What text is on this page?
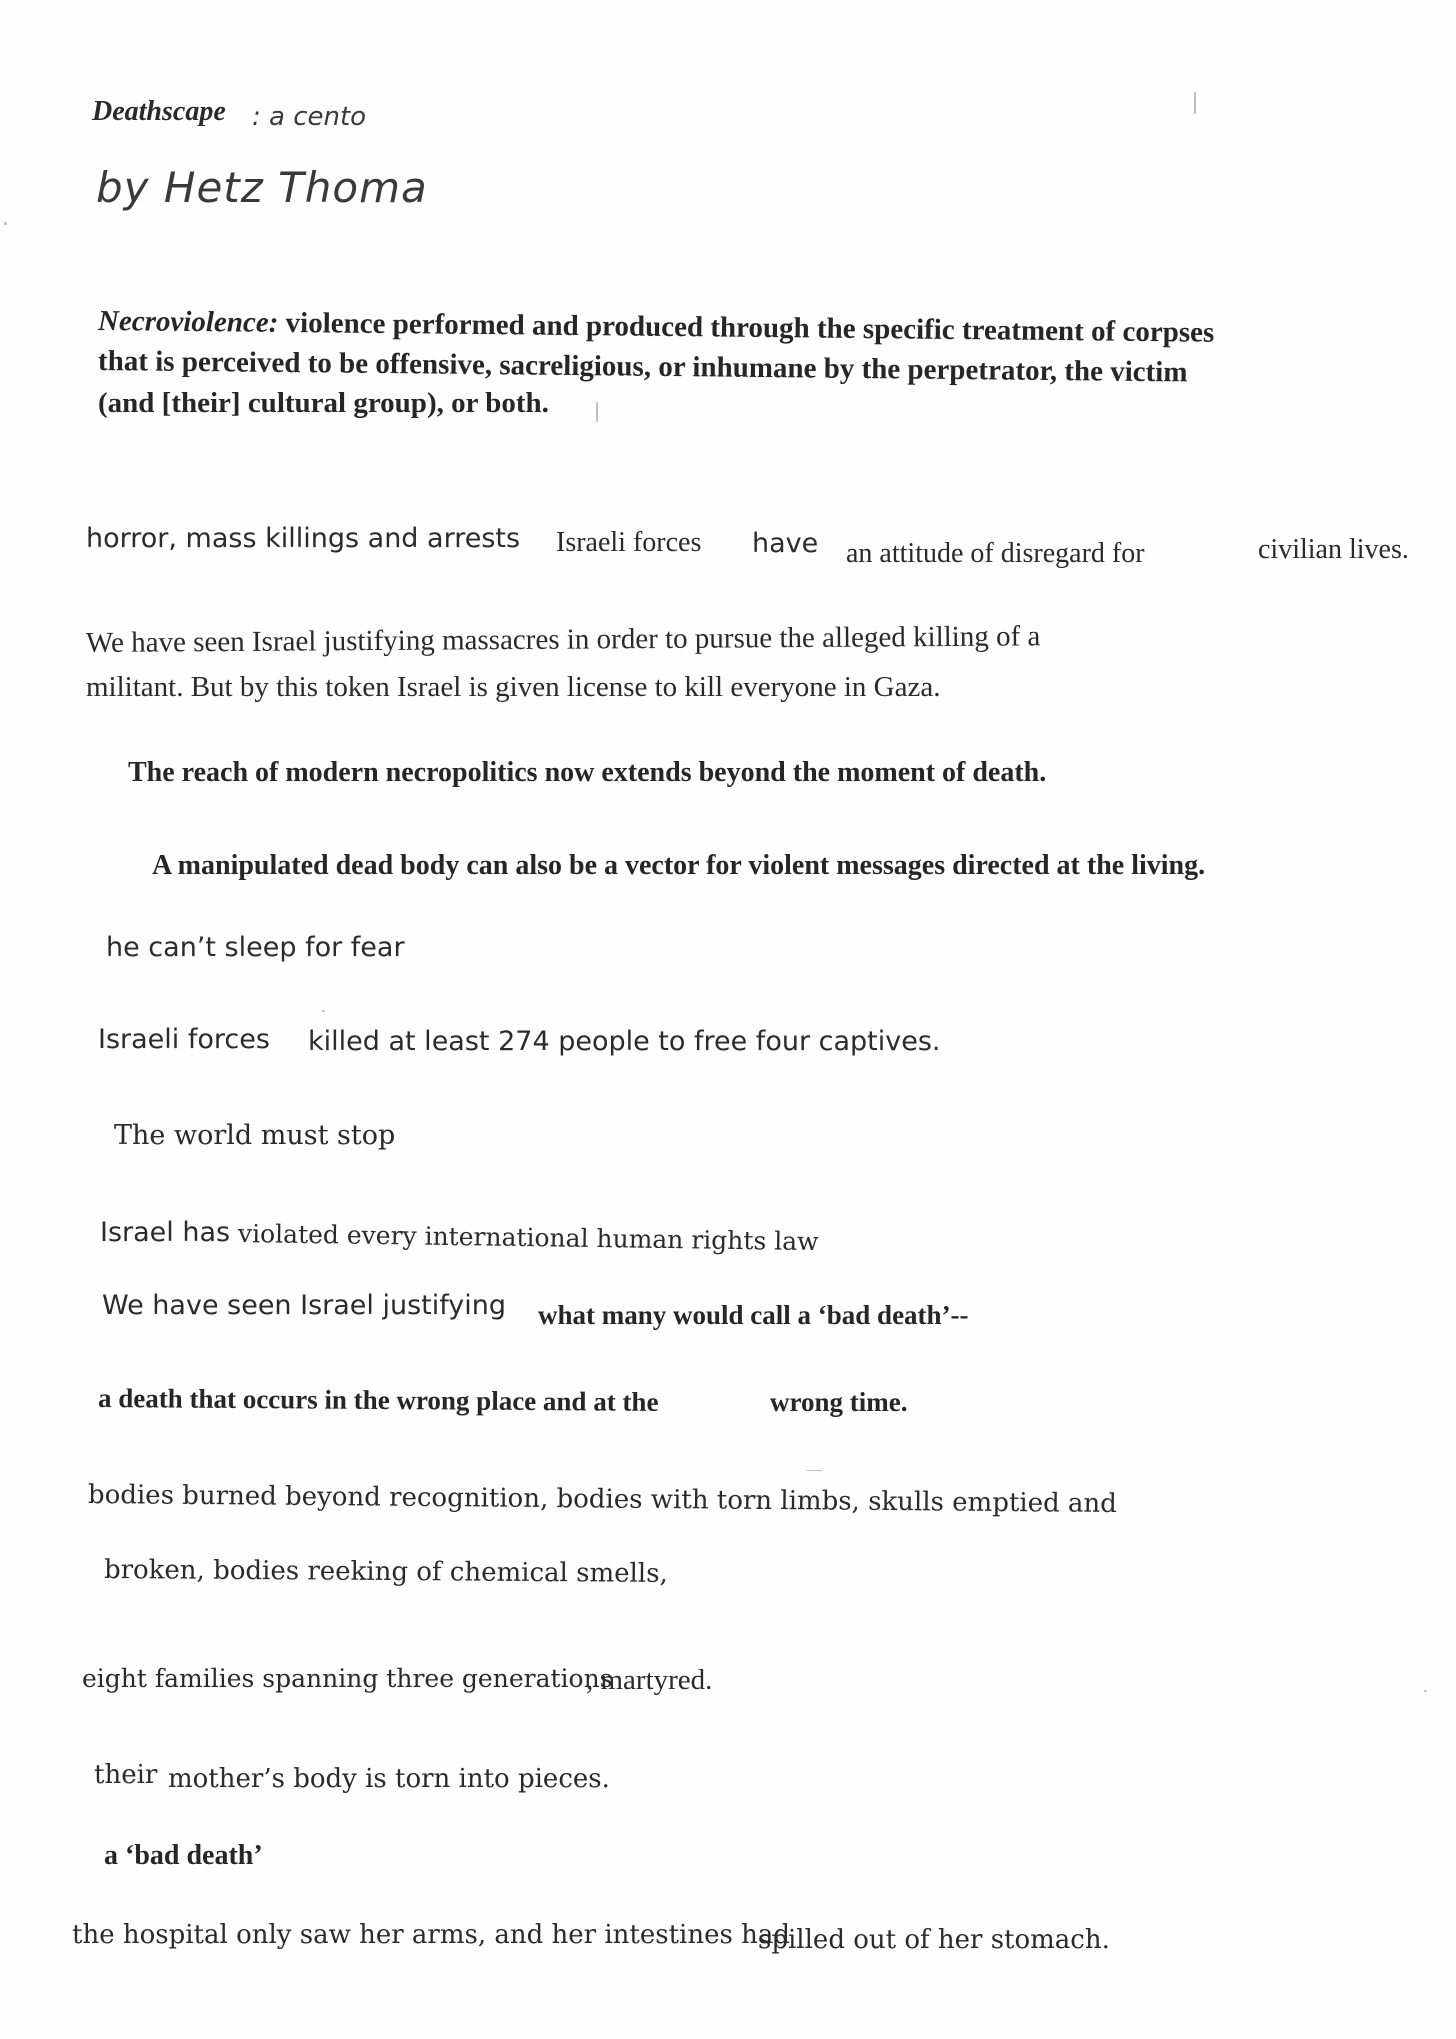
Deathscape : a cento

by Hetz Thoma

Necroviolence: violence performed and produced through the specific treatment of corpses

that is perceived to be offensive, sacreligious, or inhumane by the perpetrator, the victim

(and [their] cultural group), or both.

horror, mass killings and arrests Israeli forces have an attitude of disregard for	civilian lives.

We have seen Israel justifying massacres in order to pursue the alleged killing of a

militant. But by this token Israel is given license to kill everyone in Gaza.

The reach of modern necropolitics now extends beyond the moment of death.

A manipulated dead body can also be a vector for violent messages directed at the living.

he can’t sleep for fear

Israeli forces killed at least 274 people to free four captives.

The world must stop

Israel has violated every international human rights law

We have seen Israel justifying what many would call a ‘bad death’--

a death that occurs in the wrong place and at the	wrong time.

bodies burned beyond recognition, bodies with torn limbs, skulls emptied and

broken, bodies reeking of chemical smells,

eight families spanning three generations

, martyred.

their mother’s body is torn into pieces.

a ‘bad death’

the hospital only saw her arms, and her intestines had

spilled out of her stomach.
